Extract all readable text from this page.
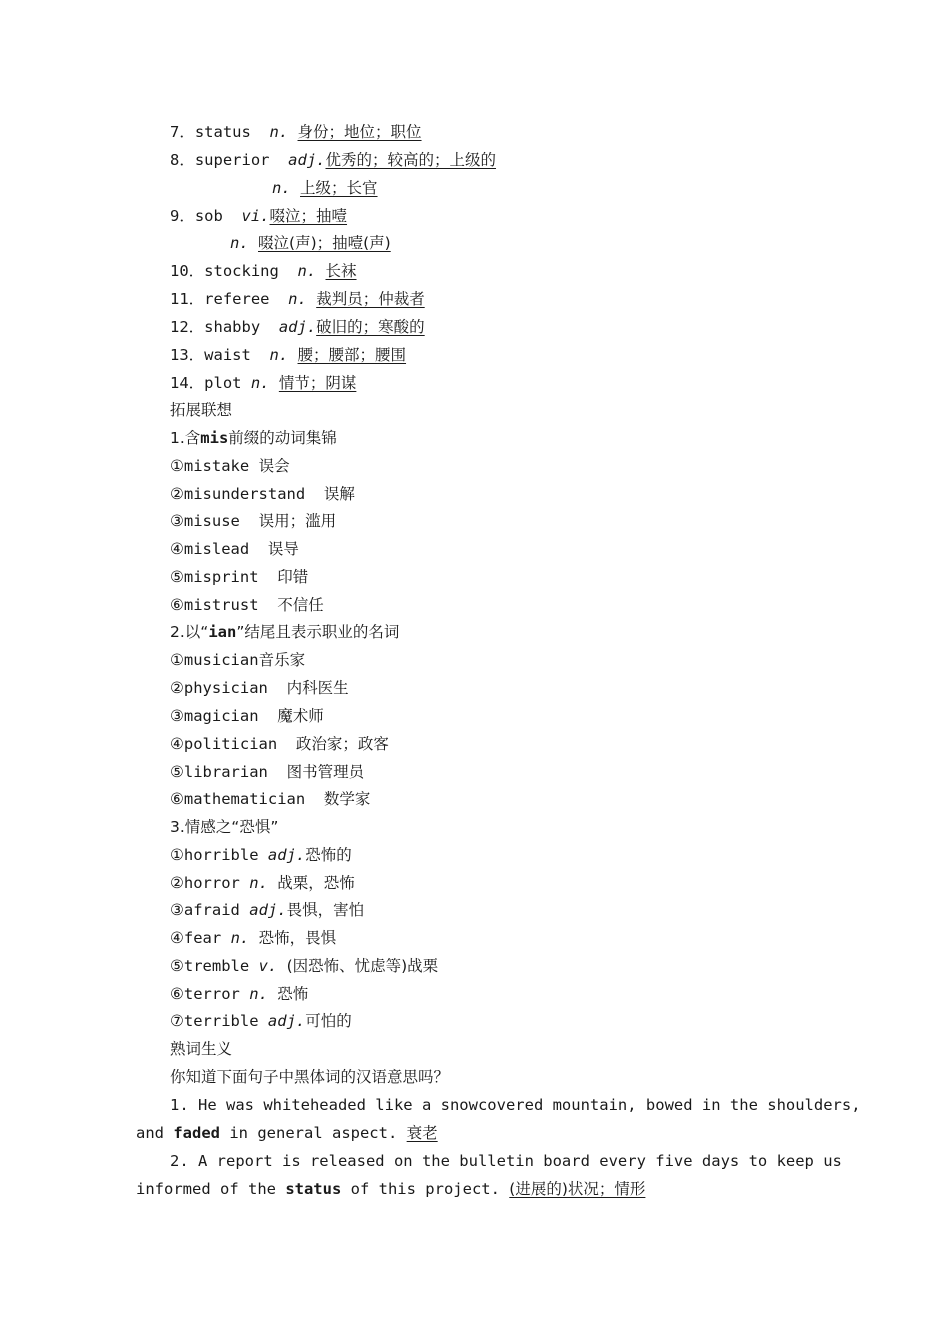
7．status n. 身份；地位；职位
8．superior adj.优秀的；较高的；上级的
n. 上级；长官
9．sob vi.啜泣；抽噎
n. 啜泣(声)；抽噎(声)
10．stocking n. 长袜
11．referee n. 裁判员；仲裁者
12．shabby adj.破旧的；寒酸的
13．waist n. 腰；腰部；腰围
14．plot n. 情节；阴谋
拓展联想
1.含mis前缀的动词集锦
①mistake 误会
②misunderstand 误解
③misuse 误用；滥用
④mislead 误导
⑤misprint 印错
⑥mistrust 不信任
2.以“ian”结尾且表示职业的名词
①musician音乐家
②physician 内科医生
③magician 魔术师
④politician 政治家；政客
⑤librarian 图书管理员
⑥mathematician 数学家
3.情感之“恐惧”
①horrible adj.恐怖的
②horror n. 战栗，恐怖
③afraid adj.畏惧，害怕
④fear n. 恐怖，畏惧
⑤tremble v. (因恐怖、忧虑等)战栗
⑥terror n. 恐怖
⑦terrible adj.可怕的
熟词生义
你知道下面句子中黑体词的汉语意思吗？
1. He was whiteheaded like a snowcovered mountain, bowed in the shoulders,
and faded in general aspect. 衰老
2. A report is released on the bulletin board every five days to keep us
informed of the status of this project. (进展的)状况；情形
